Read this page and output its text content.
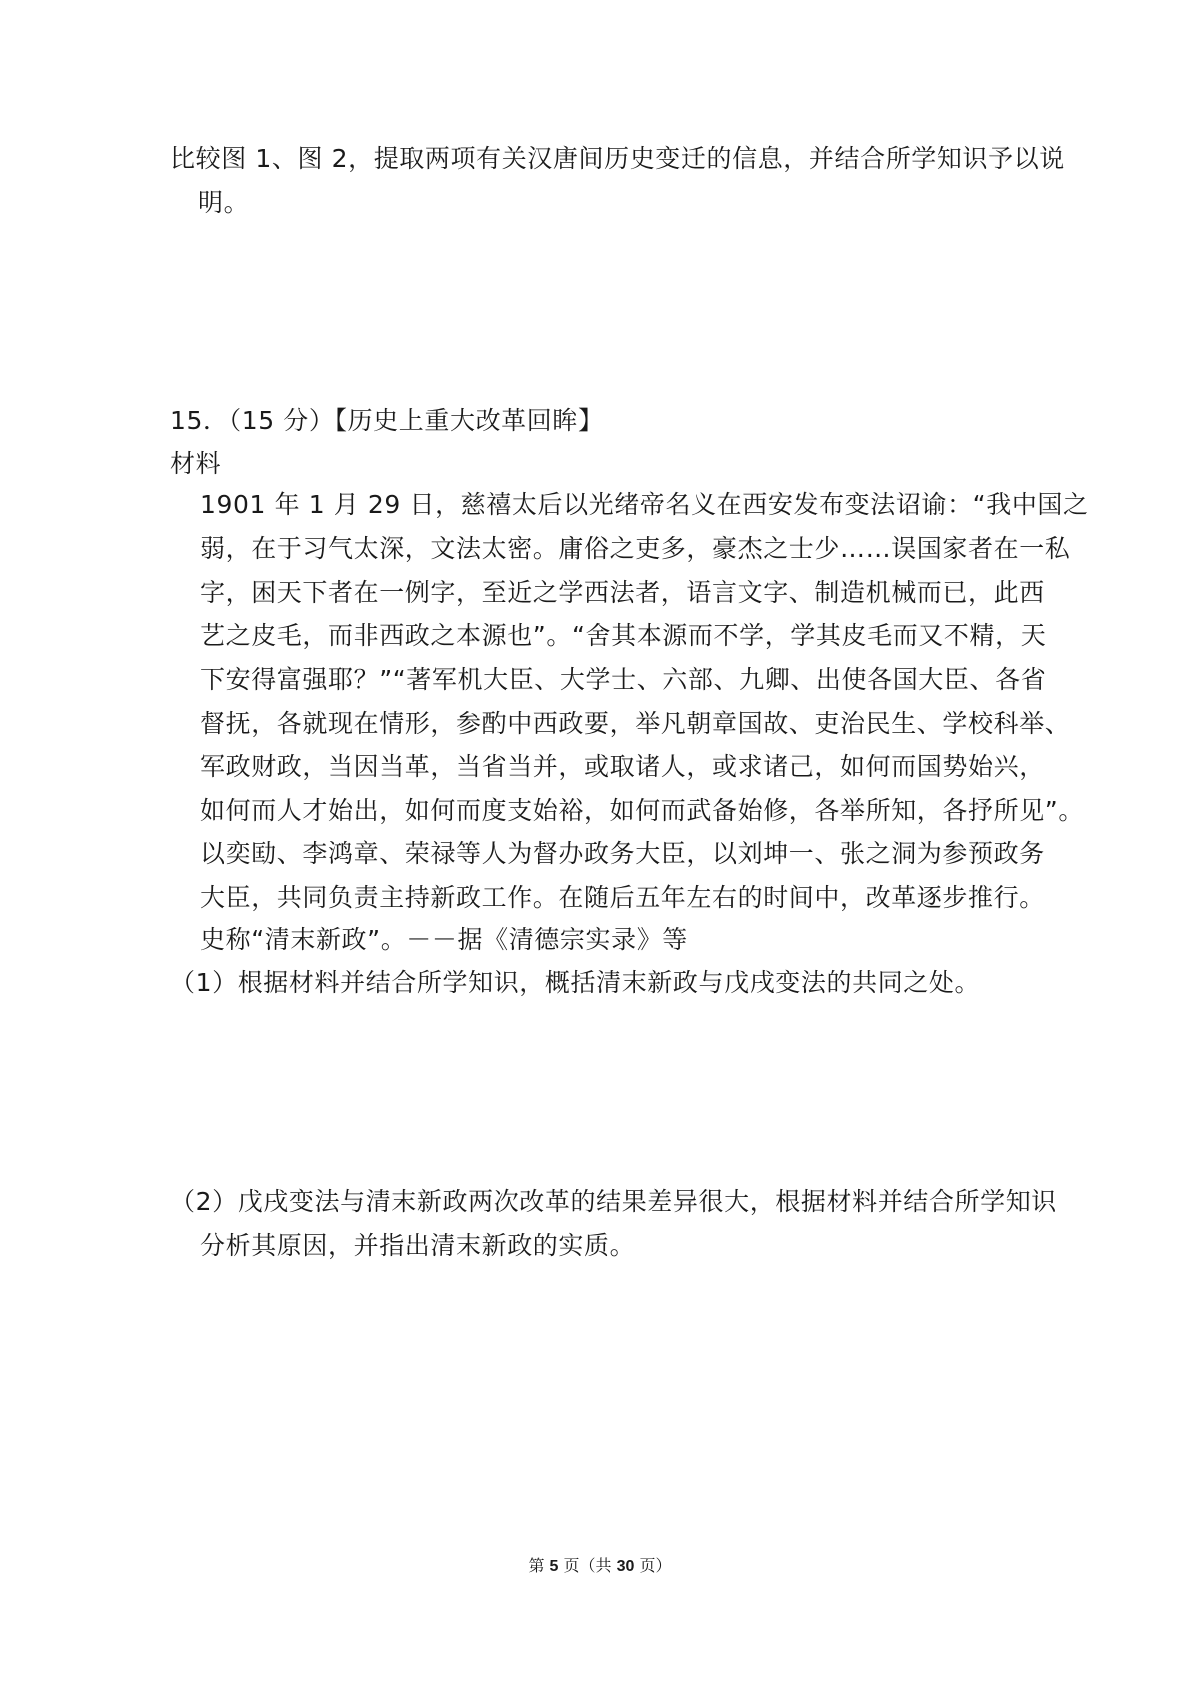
比较图 1、图 2，提取两项有关汉唐间历史变迁的信息，并结合所学知识予以说
明。
15．（15 分）【历史上重大改革回眸】
材料
1901 年 1 月 29 日，慈禧太后以光绪帝名义在西安发布变法诏谕：“我中国之
弱，在于习气太深，文法太密。庸俗之吏多，豪杰之士少……误国家者在一私
字，困天下者在一例字，至近之学西法者，语言文字、制造机械而已，此西
艺之皮毛，而非西政之本源也”。“舍其本源而不学，学其皮毛而又不精，天
下安得富强耶？”“著军机大臣、大学士、六部、九卿、出使各国大臣、各省
督抚，各就现在情形，参酌中西政要，举凡朝章国故、吏治民生、学校科举、
军政财政，当因当革，当省当并，或取诸人，或求诸己，如何而国势始兴，
如何而人才始出，如何而度支始裕，如何而武备始修，各举所知，各抒所见”。
以奕劻、李鸿章、荣禄等人为督办政务大臣，以刘坤一、张之洞为参预政务
大臣，共同负责主持新政工作。在随后五年左右的时间中，改革逐步推行。
史称“清末新政”。－－据《清德宗实录》等
（1）根据材料并结合所学知识，概括清末新政与戊戌变法的共同之处。
（2）戊戌变法与清末新政两次改革的结果差异很大，根据材料并结合所学知识
分析其原因，并指出清末新政的实质。
第 5 页（共 30 页）
